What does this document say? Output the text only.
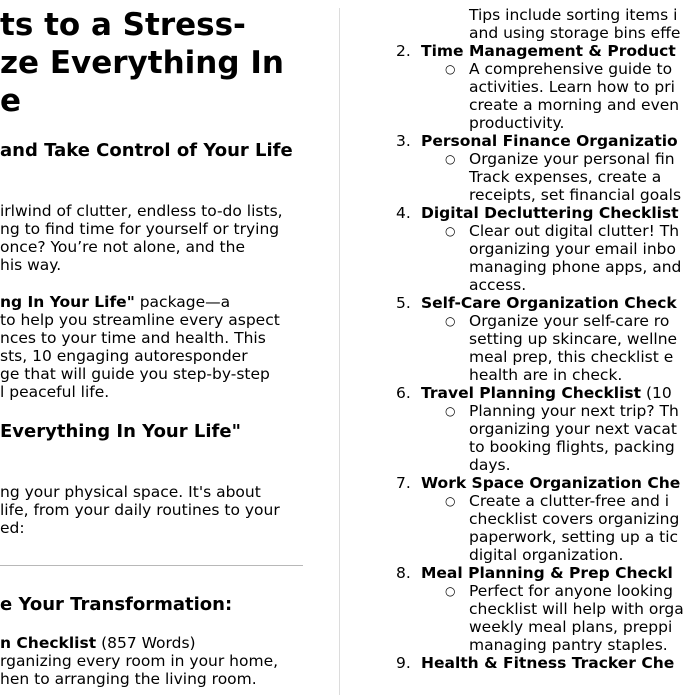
ts to a Stress-
ze Everything In
e
and Take Control of Your Life
irlwind of clutter, endless to-do lists,
ng to find time for yourself or trying
once? You’re not alone, and the
his way.
ng In Your Life" package—a
to help you streamline every aspect
nces to your time and health. This
sts, 10 engaging autoresponder
ge that will guide you step-by-step
l peaceful life.
Everything In Your Life"
ng your physical space. It's about
life, from your daily routines to your
ed:
e Your Transformation:
n Checklist (857 Words)
rganizing every room in your home,
hen to arranging the living room.
Tips include sorting items i
and using storage bins effe
2. Time Management & Product
○ A comprehensive guide to
activities. Learn how to pri
create a morning and even
productivity.
3. Personal Finance Organizatio
○ Organize your personal fin
Track expenses, create a
receipts, set financial goals
4. Digital Decluttering Checklist
○ Clear out digital clutter! Th
organizing your email inbo
managing phone apps, and
access.
5. Self-Care Organization Check
○ Organize your self-care ro
setting up skincare, wellne
meal prep, this checklist e
health are in check.
6. Travel Planning Checklist (10
○ Planning your next trip? Th
organizing your next vacat
to booking flights, packing
days.
7. Work Space Organization Che
○ Create a clutter-free and i
checklist covers organizing
paperwork, setting up a tic
digital organization.
8. Meal Planning & Prep Checkl
○ Perfect for anyone looking
checklist will help with orga
weekly meal plans, preppi
managing pantry staples.
9. Health & Fitness Tracker Che
